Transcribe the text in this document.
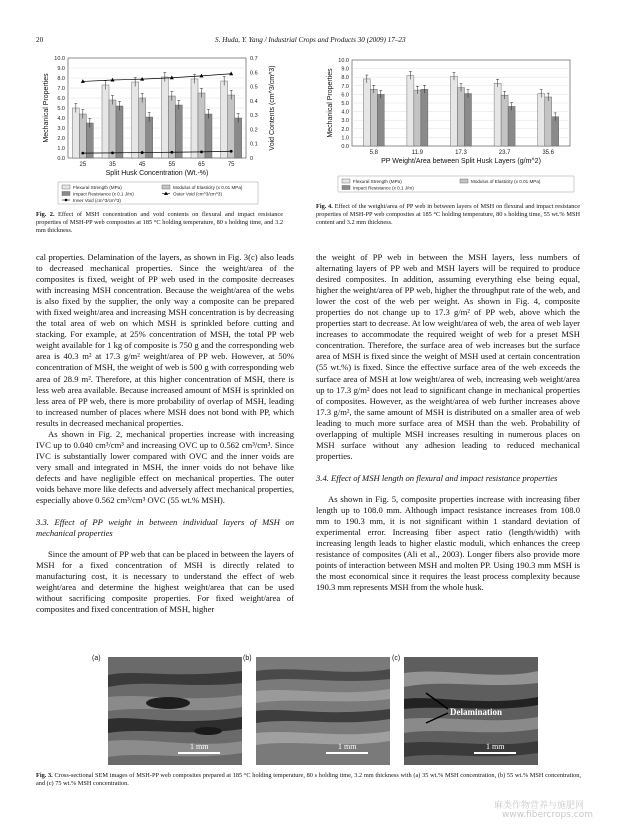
20	S. Huda, Y. Yang / Industrial Crops and Products 30 (2009) 17–23
0.0
1.0
2.0
3.0
4.0
5.0
6.0
7.0
8.0
9.0
10.0
25	35	45	55	65	75
Split Husk Concentration (Wt.-%)
Mechanical Properties
Flexural Strength (MPa)	Modulus of Elasticity (x 0.01 MPa)
Impact Resistance (x 0.1 J/m)	Outer Void (cm^3/cm^3)
Inner Void (cm^3/cm^3)
0
0.1
0.2
0.3
0.4
0.5
0.6
0.7
Void Contents (cm^3/cm^3)
Fig. 2. Effect of MSH concentration and void contents on flexural and impact resistance properties of MSH-PP web composites at 185 °C holding temperature, 80 s holding time, and 3.2 mm thickness.
0.0
1.0
2.0
3.0
4.0
5.0
6.0
7.0
8.0
9.0
10.0
5.8	11.9	17.3	23.7	35.6
PP Weight/Area between Split Husk Layers (g/m^2)
Mechanical Properties
Flexural Strength (MPa)	Modulus of Elasticity (x 0.01 MPa)
Impact Resistance (x 0.1 J/m)
Fig. 4. Effect of the weight/area of PP web in between layers of MSH on flexural and impact resistance properties of MSH-PP web composites at 185 °C holding temperature, 80 s holding time, 55 wt.% MSH content and 3.2 mm thickness.

cal properties. Delamination of the layers, as shown in Fig. 3(c) also leads to decreased mechanical properties. Since the weight/area of the composites is fixed, weight of PP web used in the composite decreases with increasing MSH concentration. Because the weight/area of the webs is also fixed by the supplier, the only way a composite can be prepared with fixed weight/area and increasing MSH concentration is by decreasing the total area of web on which MSH is sprinkled before cutting and stacking. For example, at 25% concentration of MSH, the total PP web weight available for 1 kg of composite is 750 g and the corresponding web area is 40.3 m² at 17.3 g/m² weight/area of PP web. However, at 50% concentration of MSH, the weight of web is 500 g with corresponding web area of 28.9 m². Therefore, at this higher concentration of MSH, there is less web area available. Because increased amount of MSH is sprinkled on less area of PP web, there is more probability of overlap of MSH, leading to increased number of places where MSH does not bond with PP, which results in decreased mechanical properties.

As shown in Fig. 2, mechanical properties increase with increasing IVC up to 0.040 cm³/cm³ and increasing OVC up to 0.562 cm³/cm³. Since IVC is substantially lower compared with OVC and the inner voids are very small and integrated in MSH, the inner voids do not behave like defects and have negligible effect on mechanical properties. The outer voids behave more like defects and adversely affect mechanical properties, especially above 0.562 cm³/cm³ OVC (55 wt.% MSH).

3.3. Effect of PP weight in between individual layers of MSH on mechanical properties

Since the amount of PP web that can be placed in between the layers of MSH for a fixed concentration of MSH is directly related to manufacturing cost, it is necessary to understand the effect of web weight/area and determine the highest weight/area that can be used without sacrificing composite properties. For fixed weight/area of composites and fixed concentration of MSH, higher

the weight of PP web in between the MSH layers, less numbers of alternating layers of PP web and MSH layers will be required to produce desired composites. In addition, assuming everything else being equal, higher the weight/area of PP web, higher the throughput rate of the web, and lower the cost of the web per weight. As shown in Fig. 4, composite properties do not change up to 17.3 g/m² of PP web, above which the properties start to decrease. At low weight/area of web, the area of web layer increases to accommodate the required weight of web for a preset MSH concentration. Therefore, the surface area of web increases but the surface area of MSH is fixed since the weight of MSH used at certain concentration (55 wt.%) is fixed. Since the effective surface area of the web exceeds the surface area of MSH at low weight/area of web, increasing web weight/area up to 17.3 g/m² does not lead to significant change in mechanical properties of composites. However, as the weight/area of web further increases above 17.3 g/m², the same amount of MSH is distributed on a smaller area of web leading to much more surface area of MSH than the web. Probability of overlapping of multiple MSH increases resulting in numerous places on MSH surface without any adhesion leading to reduced mechanical properties.

3.4. Effect of MSH length on flexural and impact resistance properties

As shown in Fig. 5, composite properties increase with increasing fiber length up to 108.0 mm. Although impact resistance increases from 108.0 mm to 190.3 mm, it is not significant within 1 standard deviation of experimental error. Increasing fiber aspect ratio (length/width) with increasing length leads to higher elastic moduli, which enhances the creep resistance of composites (Ali et al., 2003). Longer fibers also provide more points of interaction between MSH and molten PP. Using 190.3 mm MSH is the most economical since it requires the least process complexity because 190.3 mm represents MSH from the whole husk.

(a)
1 mm
(b)
1 mm
(c)
Delamination
1 mm
Fig. 3. Cross-sectional SEM images of MSH-PP web composites prepared at 185 °C holding temperature, 80 s holding time, 3.2 mm thickness with (a) 35 wt.% MSH concentration, (b) 55 wt.% MSH concentration, and (c) 75 wt.% MSH concentration.
麻类作物营养与施肥网
www.fibercrops.com
